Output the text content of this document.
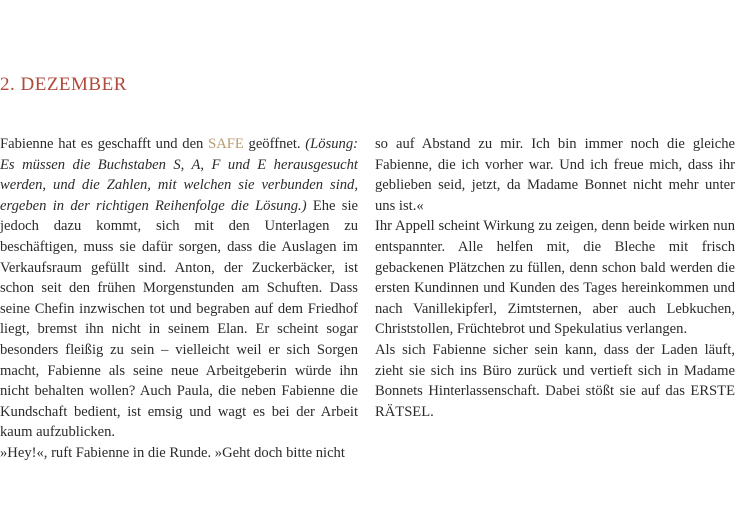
2. DEZEMBER

Fabienne hat es geschafft und den SAFE geöffnet. (Lösung: Es müssen die Buchstaben S, A, F und E herausgesucht werden, und die Zahlen, mit welchen sie verbunden sind, ergeben in der richtigen Reihenfolge die Lösung.) Ehe sie jedoch dazu kommt, sich mit den Unterlagen zu beschäftigen, muss sie dafür sorgen, dass die Auslagen im Verkaufsraum gefüllt sind. Anton, der Zuckerbäcker, ist schon seit den frühen Morgenstunden am Schuften. Dass seine Chefin inzwischen tot und begraben auf dem Friedhof liegt, bremst ihn nicht in seinem Elan. Er scheint sogar besonders fleißig zu sein – vielleicht weil er sich Sorgen macht, Fabienne als seine neue Arbeitgeberin würde ihn nicht behalten wollen? Auch Paula, die neben Fabienne die Kundschaft bedient, ist emsig und wagt es bei der Arbeit kaum aufzublicken.

»Hey!«, ruft Fabienne in die Runde. »Geht doch bitte nicht

so auf Abstand zu mir. Ich bin immer noch die gleiche Fabienne, die ich vorher war. Und ich freue mich, dass ihr geblieben seid, jetzt, da Madame Bonnet nicht mehr unter uns ist.«

Ihr Appell scheint Wirkung zu zeigen, denn beide wirken nun entspannter. Alle helfen mit, die Bleche mit frisch gebackenen Plätzchen zu füllen, denn schon bald werden die ersten Kundinnen und Kunden des Tages hereinkommen und nach Vanillekipferl, Zimtsternen, aber auch Lebkuchen, Christstollen, Früchtebrot und Spekulatius verlangen.

Als sich Fabienne sicher sein kann, dass der Laden läuft, zieht sie sich ins Büro zurück und vertieft sich in Madame Bonnets Hinterlassenschaft. Dabei stößt sie auf das ERSTE RÄTSEL.
